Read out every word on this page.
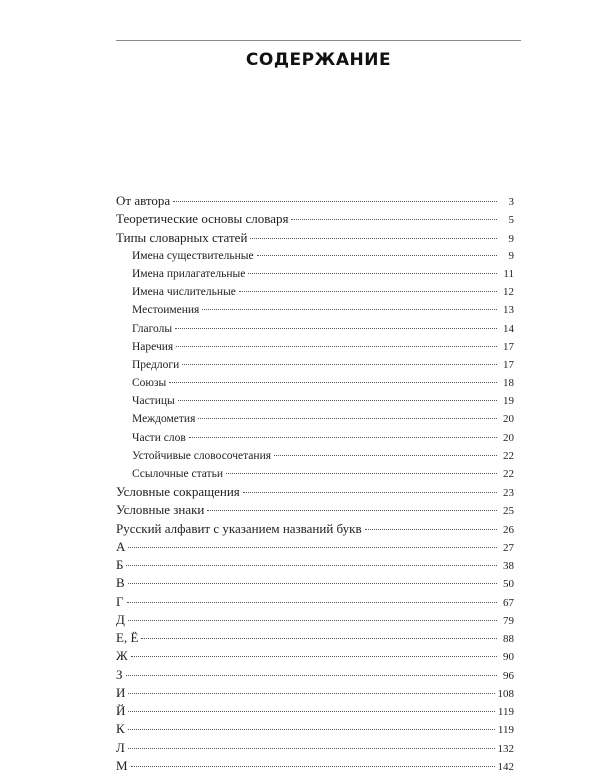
СОДЕРЖАНИЕ
От автора	3
Теоретические основы словаря	5
Типы словарных статей	9
Имена существительные	9
Имена прилагательные	11
Имена числительные	12
Местоимения	13
Глаголы	14
Наречия	17
Предлоги	17
Союзы	18
Частицы	19
Междометия	20
Части слов	20
Устойчивые словосочетания	22
Ссылочные статьи	22
Условные сокращения	23
Условные знаки	25
Русский алфавит с указанием названий букв	26
А	27
Б	38
В	50
Г	67
Д	79
Е, Ё	88
Ж	90
З	96
И	108
Й	119
К	119
Л	132
М	142
